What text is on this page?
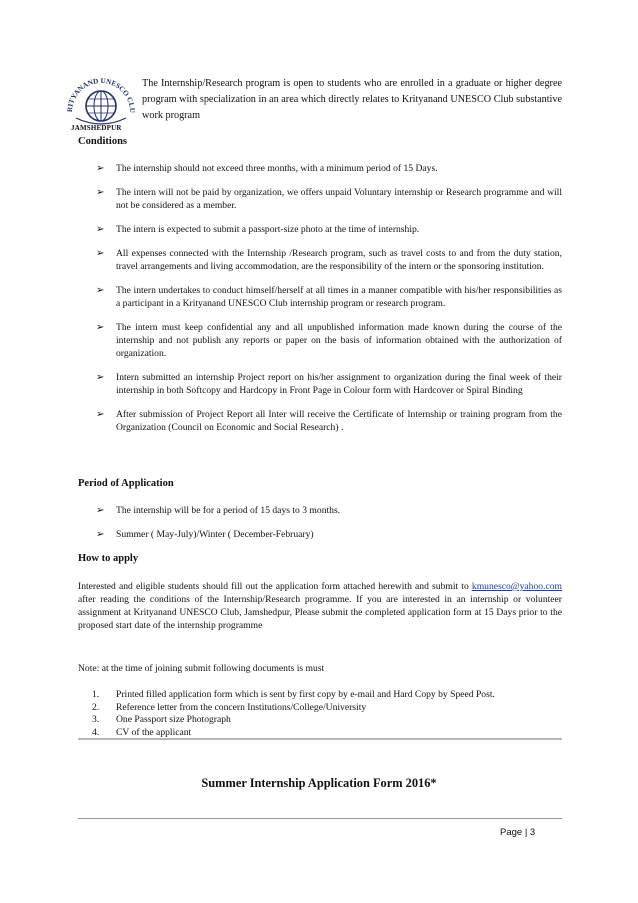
RITYANAND UNESCO CLU
JAMSHEDPUR
The Internship/Research program is open to students who are enrolled in a graduate or higher degree program with specialization in an area which directly relates to Krityanand UNESCO Club substantive work program
Conditions
➢ The internship should not exceed three months, with a minimum period of 15 Days.
➢ The intern will not be paid by organization, we offers unpaid Voluntary internship or Research programme and will not be considered as a member.
➢ The intern is expected to submit a passport-size photo at the time of internship.
➢ All expenses connected with the Internship /Research program, such as travel costs to and from the duty station, travel arrangements and living accommodation, are the responsibility of the intern or the sponsoring institution.
➢ The intern undertakes to conduct himself/herself at all times in a manner compatible with his/her responsibilities as a participant in a Krityanand UNESCO Club internship program or research program.
➢ The intern must keep confidential any and all unpublished information made known during the course of the internship and not publish any reports or paper on the basis of information obtained with the authorization of organization.
➢ Intern submitted an internship Project report on his/her assignment to organization during the final week of their internship in both Softcopy and Hardcopy in Front Page in Colour form with Hardcover or Spiral Binding
➢ After submission of Project Report all Inter will receive the Certificate of Internship or training program from the Organization (Council on Economic and Social Research) .
Period of Application
➢ The internship will be for a period of 15 days to 3 months.
➢ Summer ( May-July)/Winter ( December-February)
How to apply
Interested and eligible students should fill out the application form attached herewith and submit to kmunesco@yahoo.com after reading the conditions of the Internship/Research programme. If you are interested in an internship or volunteer assignment at Krityanand UNESCO Club, Jamshedpur, Please submit the completed application form at 15 Days prior to the proposed start date of the internship programme
Note: at the time of joining submit following documents is must
1. Printed filled application form which is sent by first copy by e-mail and Hard Copy by Speed Post.
2. Reference letter from the concern Institutions/College/University
3. One Passport size Photograph
4. CV of the applicant
Summer Internship Application Form 2016*
Page | 3
